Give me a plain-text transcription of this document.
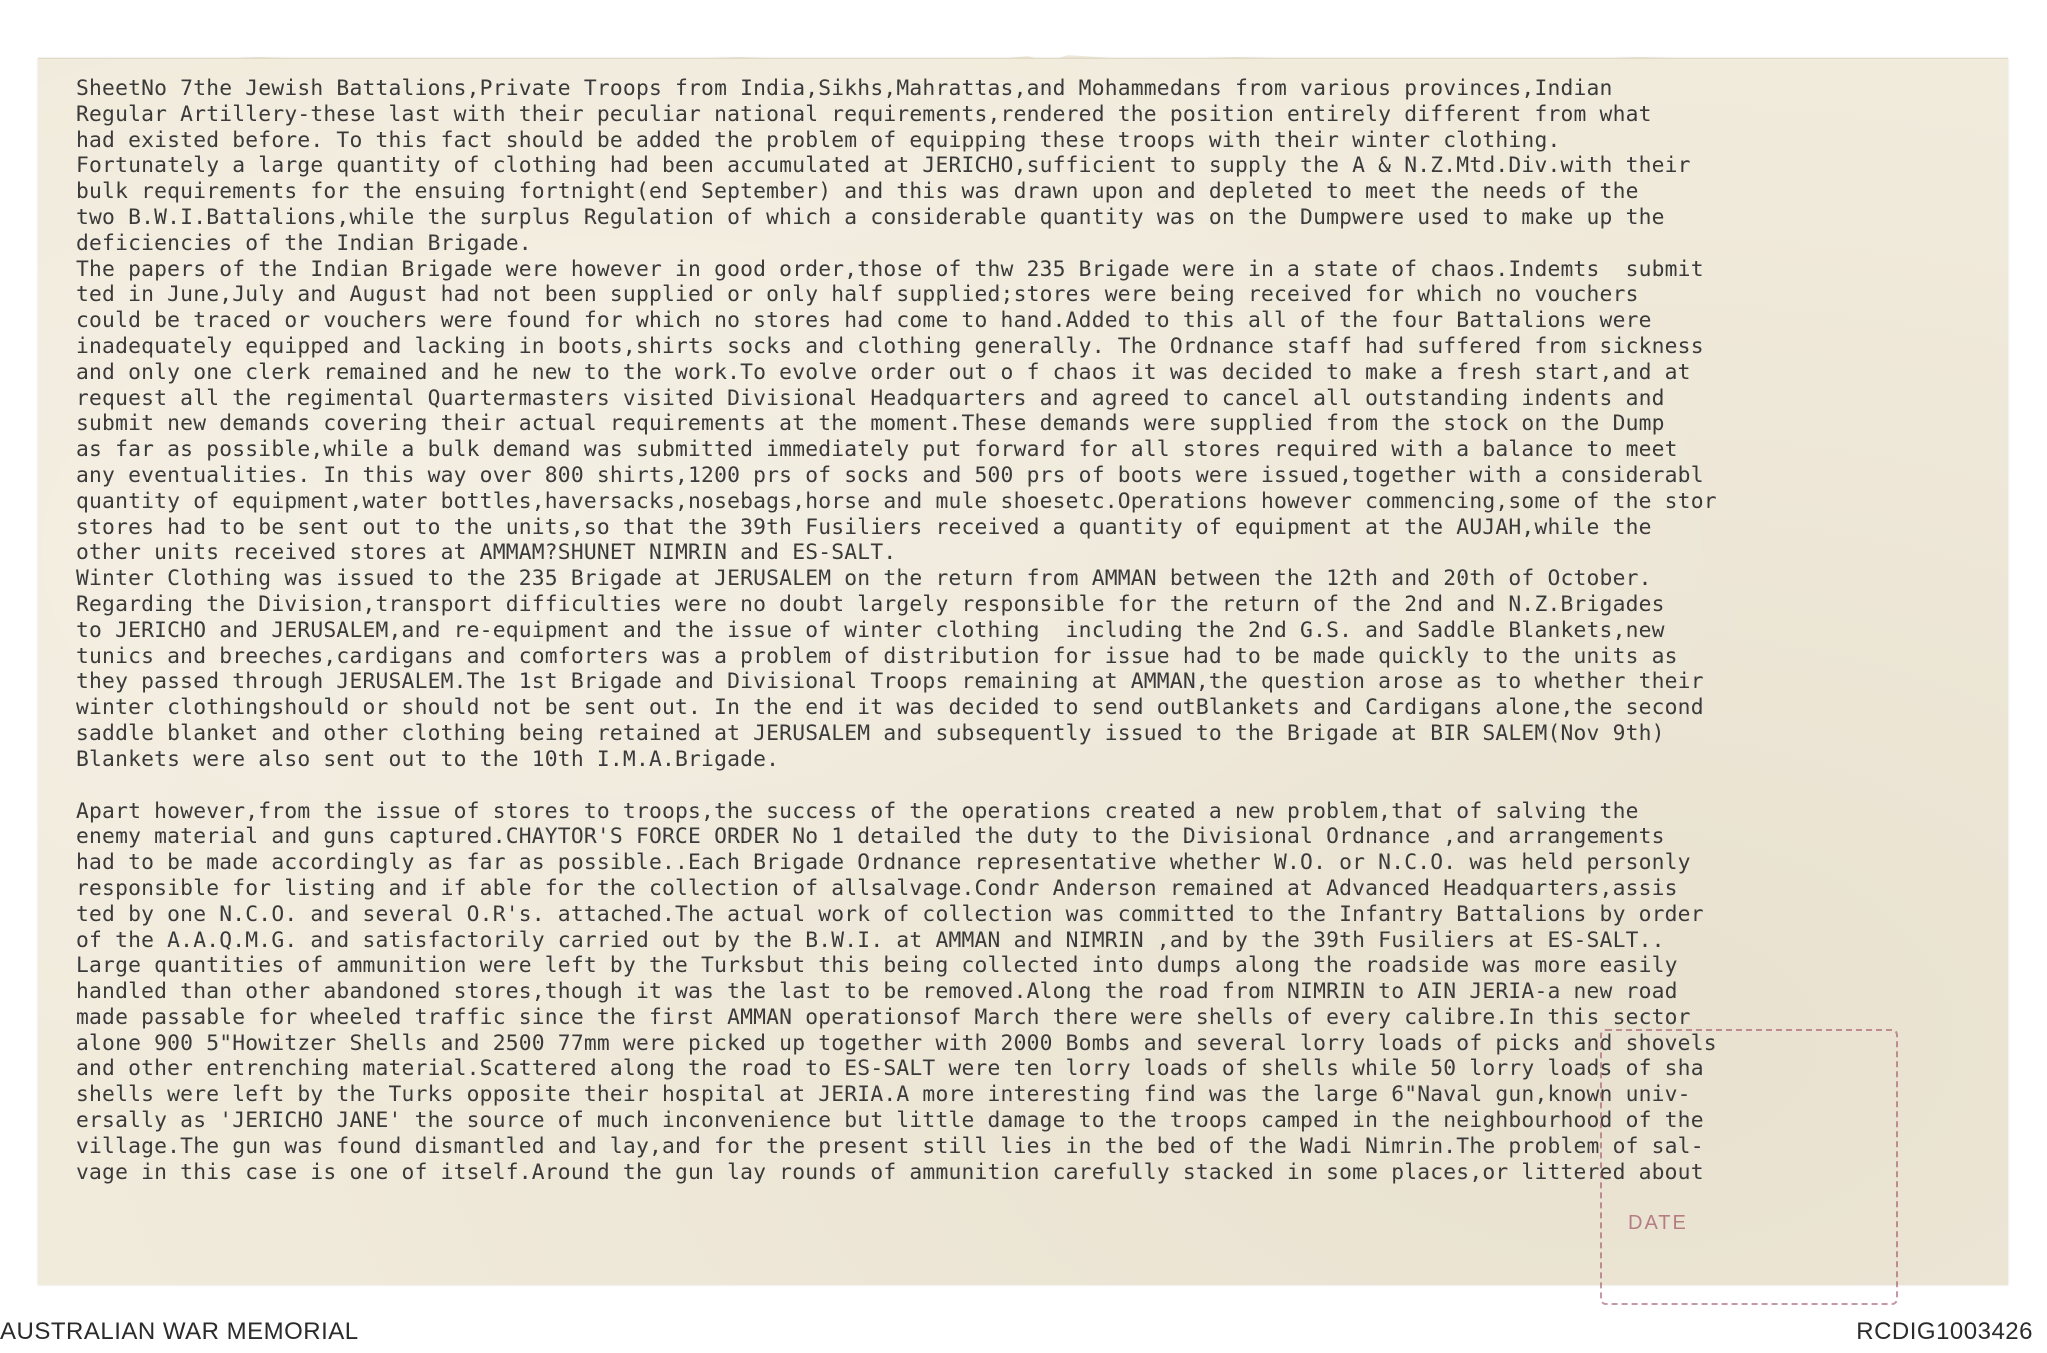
SheetNo 7the Jewish Battalions,Private Troops from India,Sikhs,Mahrattas,and Mohammedans from various provinces,Indian
Regular Artillery-these last with their peculiar national requirements,rendered the position entirely different from what
had existed before. To this fact should be added the problem of equipping these troops with their winter clothing.
Fortunately a large quantity of clothing had been accumulated at JERICHO,sufficient to supply the A & N.Z.Mtd.Div.with their
bulk requirements for the ensuing fortnight(end September) and this was drawn upon and depleted to meet the needs of the
two B.W.I.Battalions,while the surplus Regulation of which a considerable quantity was on the Dumpwere used to make up the
deficiencies of the Indian Brigade.
The papers of the Indian Brigade were however in good order,those of thw 235 Brigade were in a state of chaos.Indemts  submit
ted in June,July and August had not been supplied or only half supplied;stores were being received for which no vouchers
could be traced or vouchers were found for which no stores had come to hand.Added to this all of the four Battalions were
inadequately equipped and lacking in boots,shirts socks and clothing generally. The Ordnance staff had suffered from sickness
and only one clerk remained and he new to the work.To evolve order out o f chaos it was decided to make a fresh start,and at
request all the regimental Quartermasters visited Divisional Headquarters and agreed to cancel all outstanding indents and
submit new demands covering their actual requirements at the moment.These demands were supplied from the stock on the Dump
as far as possible,while a bulk demand was submitted immediately put forward for all stores required with a balance to meet
any eventualities. In this way over 800 shirts,1200 prs of socks and 500 prs of boots were issued,together with a considerabl
quantity of equipment,water bottles,haversacks,nosebags,horse and mule shoesetc.Operations however commencing,some of the stor
stores had to be sent out to the units,so that the 39th Fusiliers received a quantity of equipment at the AUJAH,while the
other units received stores at AMMAM?SHUNET NIMRIN and ES-SALT.
Winter Clothing was issued to the 235 Brigade at JERUSALEM on the return from AMMAN between the 12th and 20th of October.
Regarding the Division,transport difficulties were no doubt largely responsible for the return of the 2nd and N.Z.Brigades
to JERICHO and JERUSALEM,and re-equipment and the issue of winter clothing  including the 2nd G.S. and Saddle Blankets,new
tunics and breeches,cardigans and comforters was a problem of distribution for issue had to be made quickly to the units as
they passed through JERUSALEM.The 1st Brigade and Divisional Troops remaining at AMMAN,the question arose as to whether their
winter clothingshould or should not be sent out. In the end it was decided to send outBlankets and Cardigans alone,the second
saddle blanket and other clothing being retained at JERUSALEM and subsequently issued to the Brigade at BIR SALEM(Nov 9th)
Blankets were also sent out to the 10th I.M.A.Brigade.
Apart however,from the issue of stores to troops,the success of the operations created a new problem,that of salving the
enemy material and guns captured.CHAYTOR'S FORCE ORDER No 1 detailed the duty to the Divisional Ordnance ,and arrangements
had to be made accordingly as far as possible..Each Brigade Ordnance representative whether W.O. or N.C.O. was held personly
responsible for listing and if able for the collection of allsalvage.Condr Anderson remained at Advanced Headquarters,assis
ted by one N.C.O. and several O.R's. attached.The actual work of collection was committed to the Infantry Battalions by order
of the A.A.Q.M.G. and satisfactorily carried out by the B.W.I. at AMMAN and NIMRIN ,and by the 39th Fusiliers at ES-SALT..
Large quantities of ammunition were left by the Turksbut this being collected into dumps along the roadside was more easily
handled than other abandoned stores,though it was the last to be removed.Along the road from NIMRIN to AIN JERIA-a new road
made passable for wheeled traffic since the first AMMAN operationsof March there were shells of every calibre.In this sector
alone 900 5"Howitzer Shells and 2500 77mm were picked up together with 2000 Bombs and several lorry loads of picks and shovels
and other entrenching material.Scattered along the road to ES-SALT were ten lorry loads of shells while 50 lorry loads of sha
shells were left by the Turks opposite their hospital at JERIA.A more interesting find was the large 6"Naval gun,known univ-
ersally as 'JERICHO JANE' the source of much inconvenience but little damage to the troops camped in the neighbourhood of the
village.The gun was found dismantled and lay,and for the present still lies in the bed of the Wadi Nimrin.The problem of sal-
vage in this case is one of itself.Around the gun lay rounds of ammunition carefully stacked in some places,or littered about
DATE
AUSTRALIAN WAR MEMORIAL	RCDIG1003426
